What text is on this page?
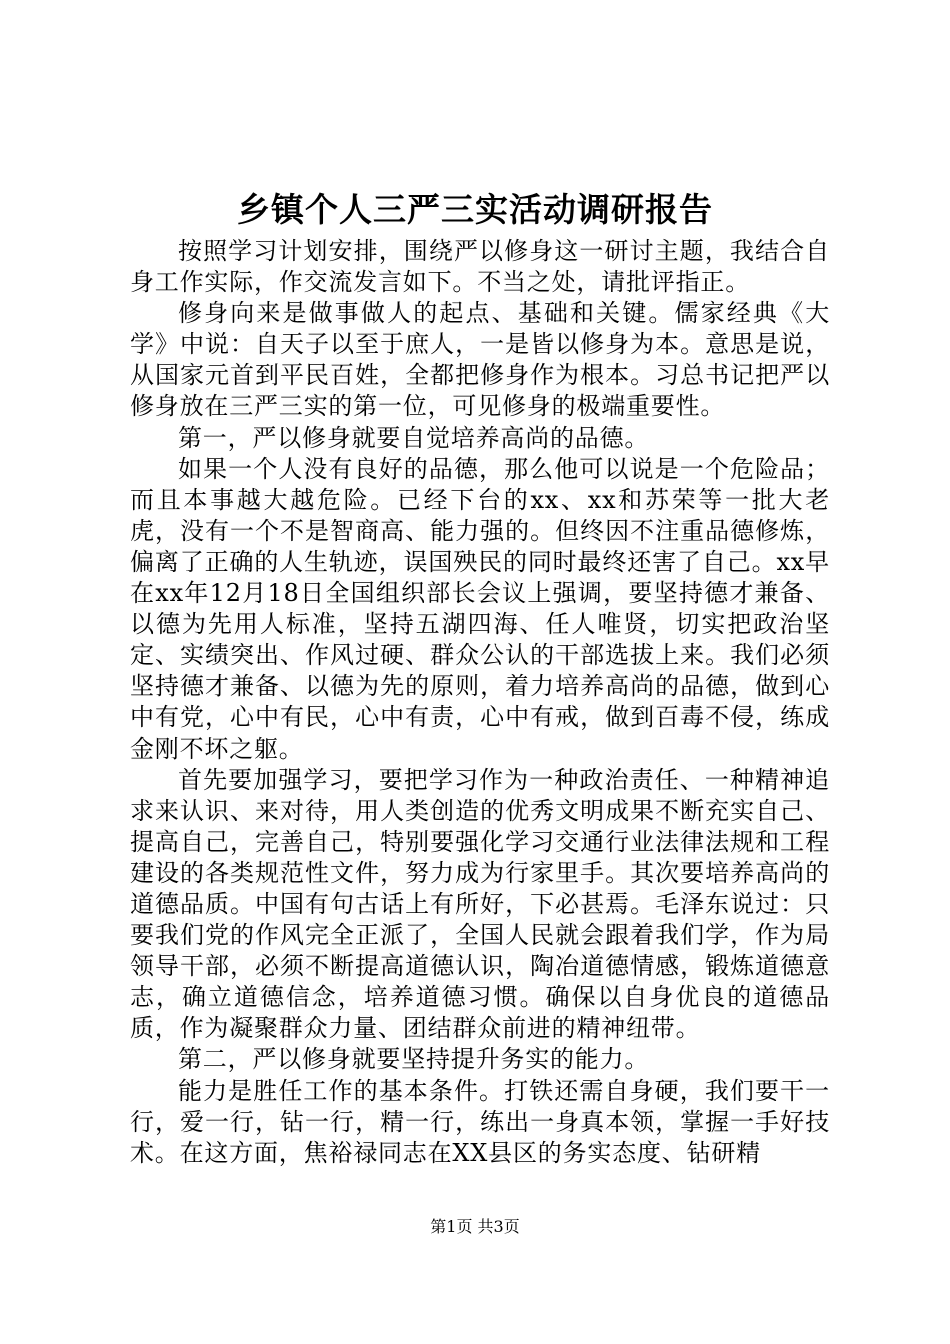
乡镇个人三严三实活动调研报告

按照学习计划安排，围绕严以修身这一研讨主题，我结合自身工作实际，作交流发言如下。不当之处，请批评指正。

修身向来是做事做人的起点、基础和关键。儒家经典《大学》中说：自天子以至于庶人，一是皆以修身为本。意思是说，从国家元首到平民百姓，全都把修身作为根本。习总书记把严以修身放在三严三实的第一位，可见修身的极端重要性。

第一，严以修身就要自觉培养高尚的品德。

如果一个人没有良好的品德，那么他可以说是一个危险品；而且本事越大越危险。已经下台的xx、xx和苏荣等一批大老虎，没有一个不是智商高、能力强的。但终因不注重品德修炼，偏离了正确的人生轨迹，误国殃民的同时最终还害了自己。xx早在xx年12月18日全国组织部长会议上强调，要坚持德才兼备、以德为先用人标准，坚持五湖四海、任人唯贤，切实把政治坚定、实绩突出、作风过硬、群众公认的干部选拔上来。我们必须坚持德才兼备、以德为先的原则，着力培养高尚的品德，做到心中有党，心中有民，心中有责，心中有戒，做到百毒不侵，练成金刚不坏之躯。

首先要加强学习，要把学习作为一种政治责任、一种精神追求来认识、来对待，用人类创造的优秀文明成果不断充实自己、提高自己，完善自己，特别要强化学习交通行业法律法规和工程建设的各类规范性文件，努力成为行家里手。其次要培养高尚的道德品质。中国有句古话上有所好，下必甚焉。毛泽东说过：只要我们党的作风完全正派了，全国人民就会跟着我们学，作为局领导干部，必须不断提高道德认识，陶冶道德情感，锻炼道德意志，确立道德信念，培养道德习惯。确保以自身优良的道德品质，作为凝聚群众力量、团结群众前进的精神纽带。

第二，严以修身就要坚持提升务实的能力。

能力是胜任工作的基本条件。打铁还需自身硬，我们要干一行，爱一行，钻一行，精一行，练出一身真本领，掌握一手好技术。在这方面，焦裕禄同志在XX县区的务实态度、钻研精

第1页 共3页
